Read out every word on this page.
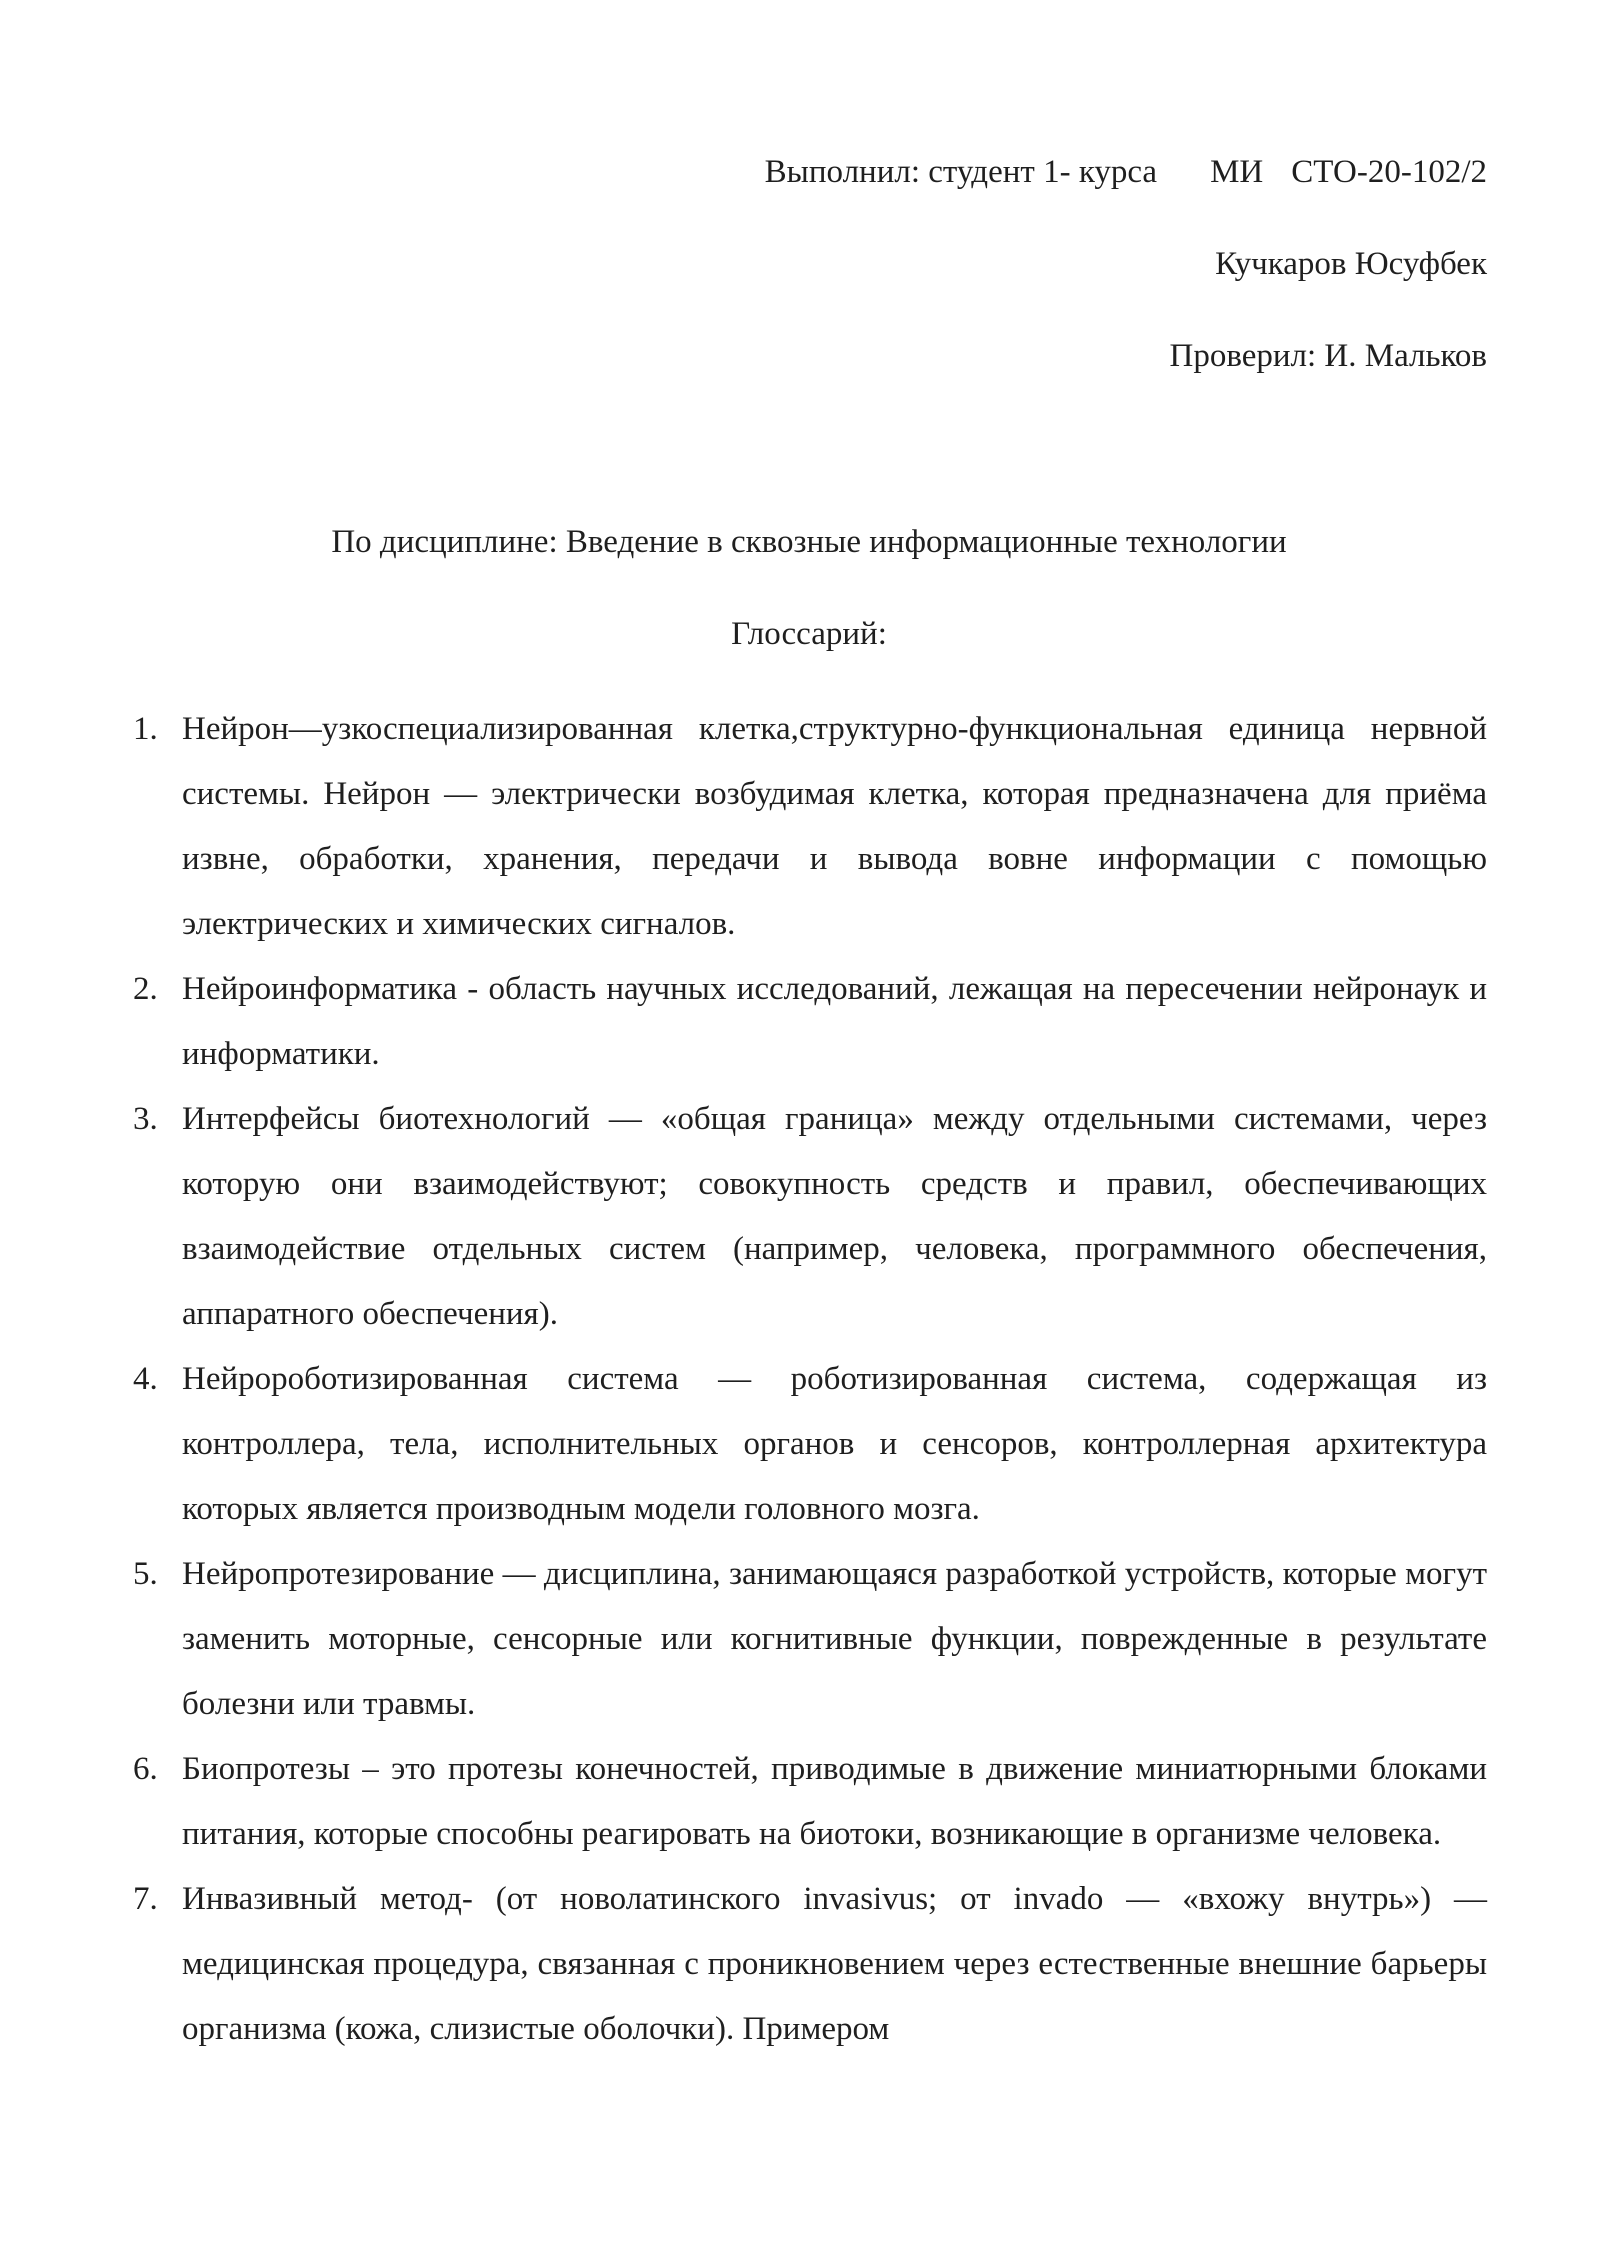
Выполнил: студент 1- курса МИ СТО-20-102/2
Кучкаров Юсуфбек
Проверил: И. Мальков
По дисциплине: Введение в сквозные информационные технологии
Глоссарий:
1. Нейрон—узкоспециализированная клетка,структурно-функциональная единица нервной системы. Нейрон — электрически возбудимая клетка, которая предназначена для приёма извне, обработки, хранения, передачи и вывода вовне информации с помощью электрических и химических сигналов.
2. Нейроинформатика - область научных исследований, лежащая на пересечении нейронаук и информатики.
3. Интерфейсы биотехнологий — «общая граница» между отдельными системами, через которую они взаимодействуют; совокупность средств и правил, обеспечивающих взаимодействие отдельных систем (например, человека, программного обеспечения, аппаратного обеспечения).
4. Нейророботизированная система — роботизированная система, содержащая из контроллера, тела, исполнительных органов и сенсоров, контроллерная архитектура которых является производным модели головного мозга.
5. Нейропротезирование — дисциплина, занимающаяся разработкой устройств, которые могут заменить моторные, сенсорные или когнитивные функции, поврежденные в результате болезни или травмы.
6. Биопротезы – это протезы конечностей, приводимые в движение миниатюрными блоками питания, которые способны реагировать на биотоки, возникающие в организме человека.
7. Инвазивный метод- (от новолатинского invasivus; от invado — «вхожу внутрь») — медицинская процедура, связанная с проникновением через естественные внешние барьеры организма (кожа, слизистые оболочки). Примером
